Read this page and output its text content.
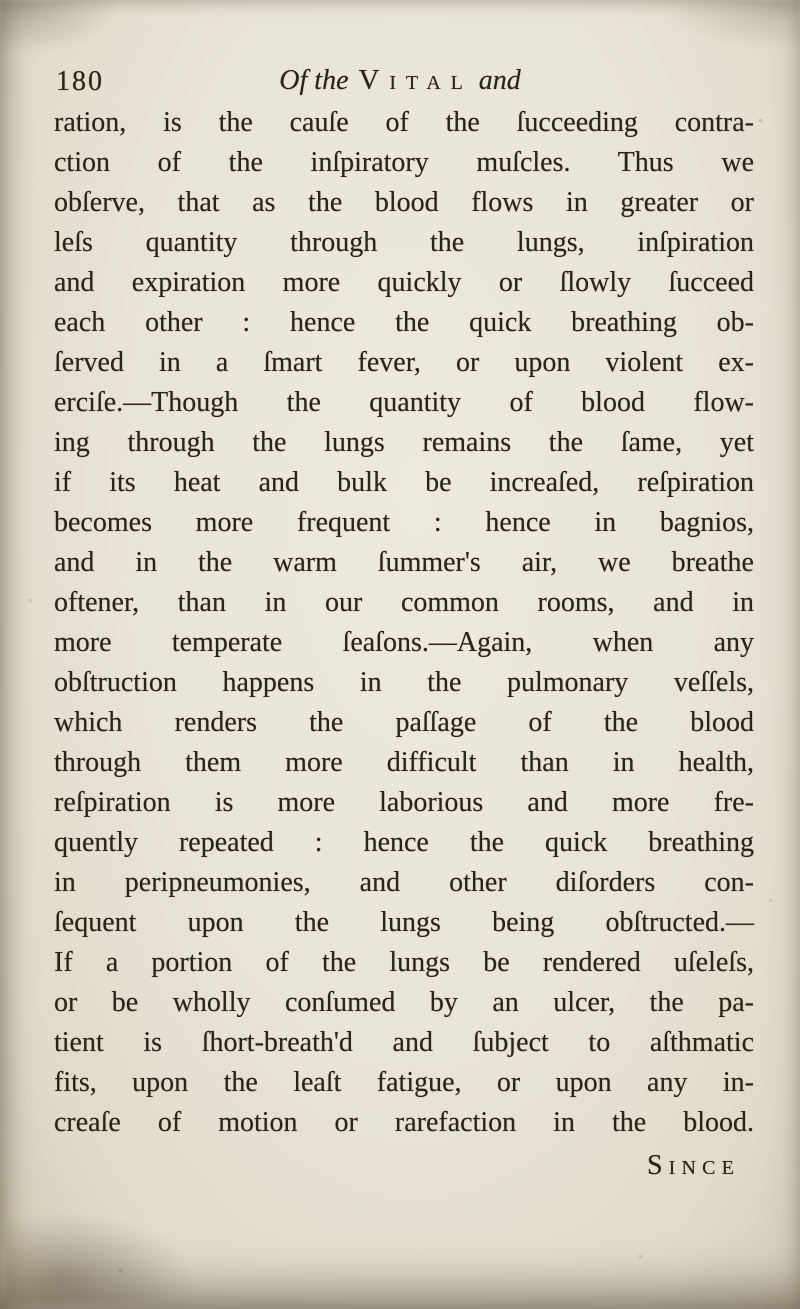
180	Of the Vital and
ration, is the cauſe of the ſucceeding contra-
ction of the inſpiratory muſcles. Thus we
obſerve, that as the blood flows in greater or
leſs quantity through the lungs, inſpiration
and expiration more quickly or ſlowly ſucceed
each other : hence the quick breathing ob-
ſerved in a ſmart fever, or upon violent ex-
erciſe.—Though the quantity of blood flow-
ing through the lungs remains the ſame, yet
if its heat and bulk be increaſed, reſpiration
becomes more frequent : hence in bagnios,
and in the warm ſummer's air, we breathe
oftener, than in our common rooms, and in
more temperate ſeaſons.—Again, when any
obſtruction happens in the pulmonary veſſels,
which renders the paſſage of the blood
through them more difficult than in health,
reſpiration is more laborious and more fre-
quently repeated : hence the quick breathing
in peripneumonies, and other diſorders con-
ſequent upon the lungs being obſtructed.—
If a portion of the lungs be rendered uſeleſs,
or be wholly conſumed by an ulcer, the pa-
tient is ſhort-breath'd and ſubject to aſthmatic
fits, upon the leaſt fatigue, or upon any in-
creaſe of motion or rarefaction in the blood.
Since
